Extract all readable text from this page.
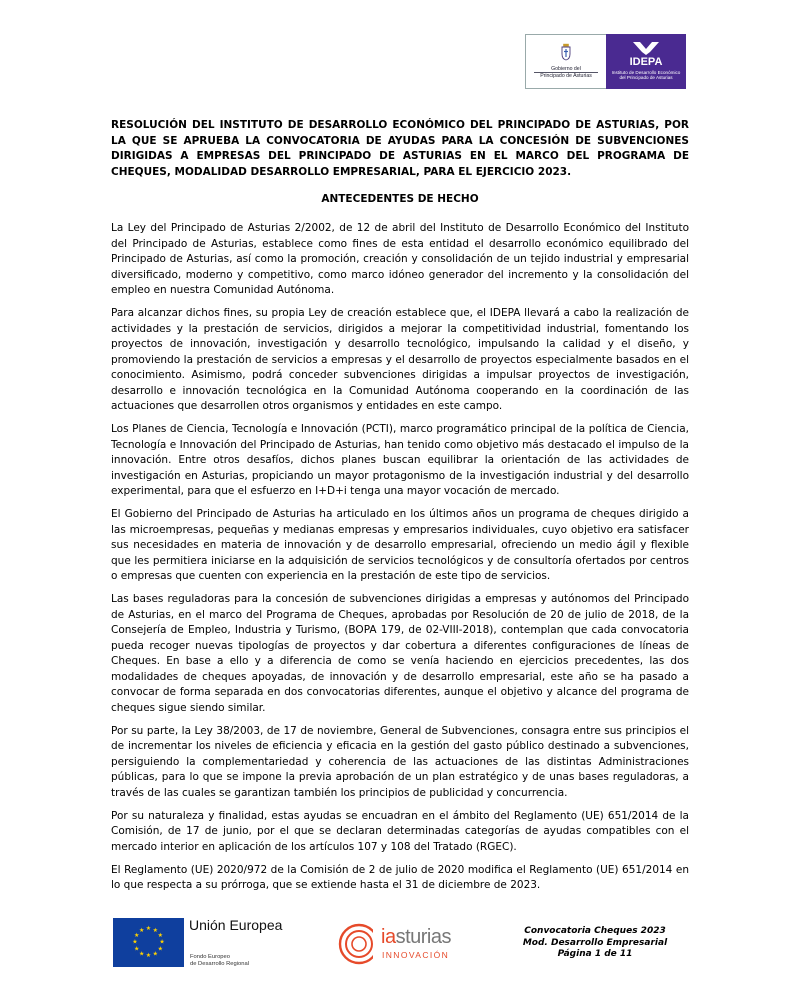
Gobierno del
Principado de Asturias
IDEPA
Instituto de Desarrollo Económico
del Principado de Asturias
RESOLUCIÓN DEL INSTITUTO DE DESARROLLO ECONÓMICO DEL PRINCIPADO DE ASTURIAS, POR LA QUE SE APRUEBA LA CONVOCATORIA DE AYUDAS PARA LA CONCESIÓN DE SUBVENCIONES DIRIGIDAS A EMPRESAS DEL PRINCIPADO DE ASTURIAS EN EL MARCO DEL PROGRAMA DE CHEQUES, MODALIDAD DESARROLLO EMPRESARIAL, PARA EL EJERCICIO 2023.
ANTECEDENTES DE HECHO

La Ley del Principado de Asturias 2/2002, de 12 de abril del Instituto de Desarrollo Económico del Instituto del Principado de Asturias, establece como fines de esta entidad el desarrollo económico equilibrado del Principado de Asturias, así como la promoción, creación y consolidación de un tejido industrial y empresarial diversificado, moderno y competitivo, como marco idóneo generador del incremento y la consolidación del empleo en nuestra Comunidad Autónoma.

Para alcanzar dichos fines, su propia Ley de creación establece que, el IDEPA llevará a cabo la realización de actividades y la prestación de servicios, dirigidos a mejorar la competitividad industrial, fomentando los proyectos de innovación, investigación y desarrollo tecnológico, impulsando la calidad y el diseño, y promoviendo la prestación de servicios a empresas y el desarrollo de proyectos especialmente basados en el conocimiento. Asimismo, podrá conceder subvenciones dirigidas a impulsar proyectos de investigación, desarrollo e innovación tecnológica en la Comunidad Autónoma cooperando en la coordinación de las actuaciones que desarrollen otros organismos y entidades en este campo.

Los Planes de Ciencia, Tecnología e Innovación (PCTI), marco programático principal de la política de Ciencia, Tecnología e Innovación del Principado de Asturias, han tenido como objetivo más destacado el impulso de la innovación. Entre otros desafíos, dichos planes buscan equilibrar la orientación de las actividades de investigación en Asturias, propiciando un mayor protagonismo de la investigación industrial y del desarrollo experimental, para que el esfuerzo en I+D+i tenga una mayor vocación de mercado.

El Gobierno del Principado de Asturias ha articulado en los últimos años un programa de cheques dirigido a las microempresas, pequeñas y medianas empresas y empresarios individuales, cuyo objetivo era satisfacer sus necesidades en materia de innovación y de desarrollo empresarial, ofreciendo un medio ágil y flexible que les permitiera iniciarse en la adquisición de servicios tecnológicos y de consultoría ofertados por centros o empresas que cuenten con experiencia en la prestación de este tipo de servicios.

Las bases reguladoras para la concesión de subvenciones dirigidas a empresas y autónomos del Principado de Asturias, en el marco del Programa de Cheques, aprobadas por Resolución de 20 de julio de 2018, de la Consejería de Empleo, Industria y Turismo, (BOPA 179, de 02-VIII-2018), contemplan que cada convocatoria pueda recoger nuevas tipologías de proyectos y dar cobertura a diferentes configuraciones de líneas de Cheques. En base a ello y a diferencia de como se venía haciendo en ejercicios precedentes, las dos modalidades de cheques apoyadas, de innovación y de desarrollo empresarial, este año se ha pasado a convocar de forma separada en dos convocatorias diferentes, aunque el objetivo y alcance del programa de cheques sigue siendo similar.

Por su parte, la Ley 38/2003, de 17 de noviembre, General de Subvenciones, consagra entre sus principios el de incrementar los niveles de eficiencia y eficacia en la gestión del gasto público destinado a subvenciones, persiguiendo la complementariedad y coherencia de las actuaciones de las distintas Administraciones públicas, para lo que se impone la previa aprobación de un plan estratégico y de unas bases reguladoras, a través de las cuales se garantizan también los principios de publicidad y concurrencia.

Por su naturaleza y finalidad, estas ayudas se encuadran en el ámbito del Reglamento (UE) 651/2014 de la Comisión, de 17 de junio, por el que se declaran determinadas categorías de ayudas compatibles con el mercado interior en aplicación de los artículos 107 y 108 del Tratado (RGEC).

El Reglamento (UE) 2020/972 de la Comisión de 2 de julio de 2020 modifica el Reglamento (UE) 651/2014 en lo que respecta a su prórroga, que se extiende hasta el 31 de diciembre de 2023.

★ ★
★
★
★
★
★
★
★
★
★
★	Unión Europea
Fondo Europeo
de Desarrollo Regional
iasturias
INNOVACIÓN
Convocatoria Cheques 2023
Mod. Desarrollo Empresarial
Página 1 de 11
